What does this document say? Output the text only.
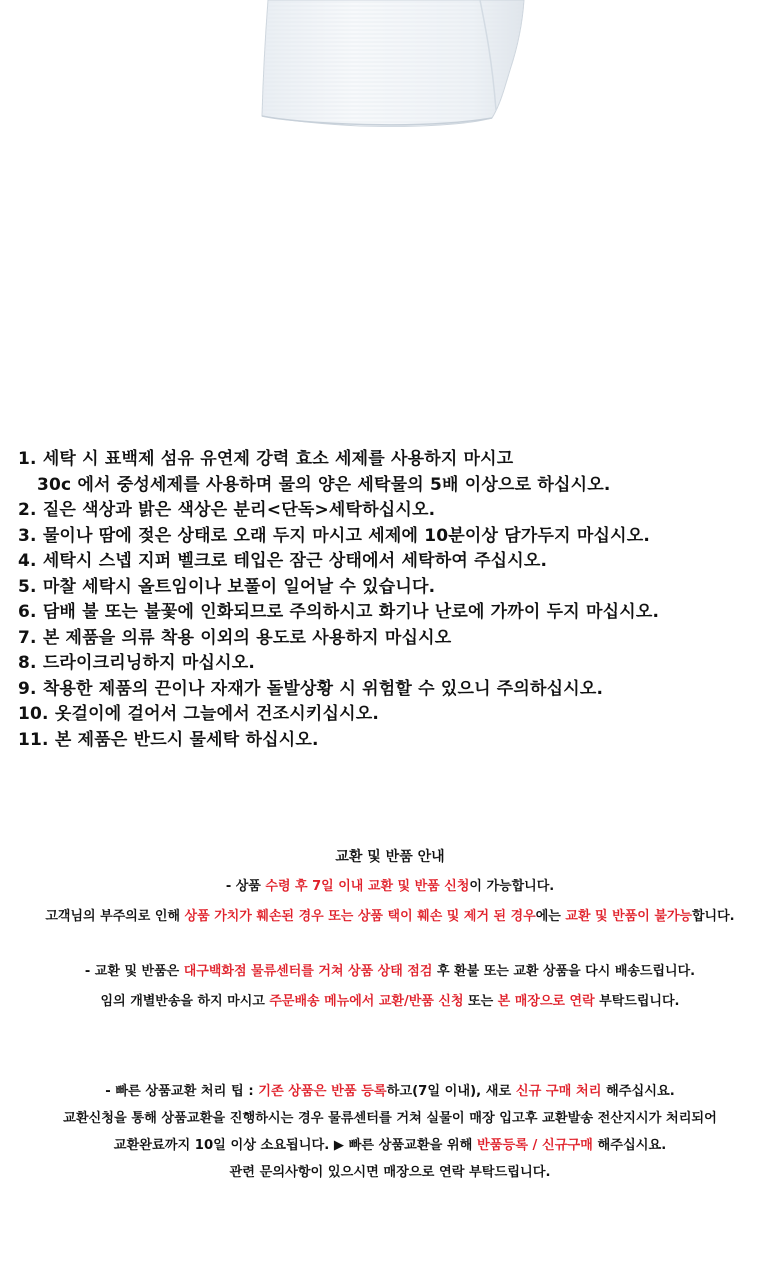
1. 세탁 시 표백제 섬유 유연제 강력 효소 세제를 사용하지 마시고
30c 에서 중성세제를 사용하며 물의 양은 세탁물의 5배 이상으로 하십시오.
2. 짙은 색상과 밝은 색상은 분리<단독>세탁하십시오.
3. 물이나 땀에 젖은 상태로 오래 두지 마시고 세제에 10분이상 담가두지 마십시오.
4. 세탁시 스넵 지퍼 벨크로 테입은 잠근 상태에서 세탁하여 주십시오.
5. 마찰 세탁시 올트임이나 보풀이 일어날 수 있습니다.
6. 담배 불 또는 불꽃에 인화되므로 주의하시고 화기나 난로에 가까이 두지 마십시오.
7. 본 제품을 의류 착용 이외의 용도로 사용하지 마십시오
8. 드라이크리닝하지 마십시오.
9. 착용한 제품의 끈이나 자재가 돌발상황 시 위험할 수 있으니 주의하십시오.
10. 옷걸이에 걸어서 그늘에서 건조시키십시오.
11. 본 제품은 반드시 물세탁 하십시오.

교환 및 반품 안내

- 상품 수령 후 7일 이내 교환 및 반품 신청이 가능합니다.

고객님의 부주의로 인해 상품 가치가 훼손된 경우 또는 상품 택이 훼손 및 제거 된 경우에는 교환 및 반품이 불가능합니다.

- 교환 및 반품은 대구백화점 물류센터를 거쳐 상품 상태 점검 후 환불 또는 교환 상품을 다시 배송드립니다.

임의 개별반송을 하지 마시고 주문배송 메뉴에서 교환/반품 신청 또는 본 매장으로 연락 부탁드립니다.

- 빠른 상품교환 처리 팁 : 기존 상품은 반품 등록하고(7일 이내), 새로 신규 구매 처리 해주십시요.

교환신청을 통해 상품교환을 진행하시는 경우 물류센터를 거쳐 실물이 매장 입고후 교환발송 전산지시가 처리되어

교환완료까지 10일 이상 소요됩니다. ▶ 빠른 상품교환을 위해 반품등록 / 신규구매 해주십시요.

관련 문의사항이 있으시면 매장으로 연락 부탁드립니다.
